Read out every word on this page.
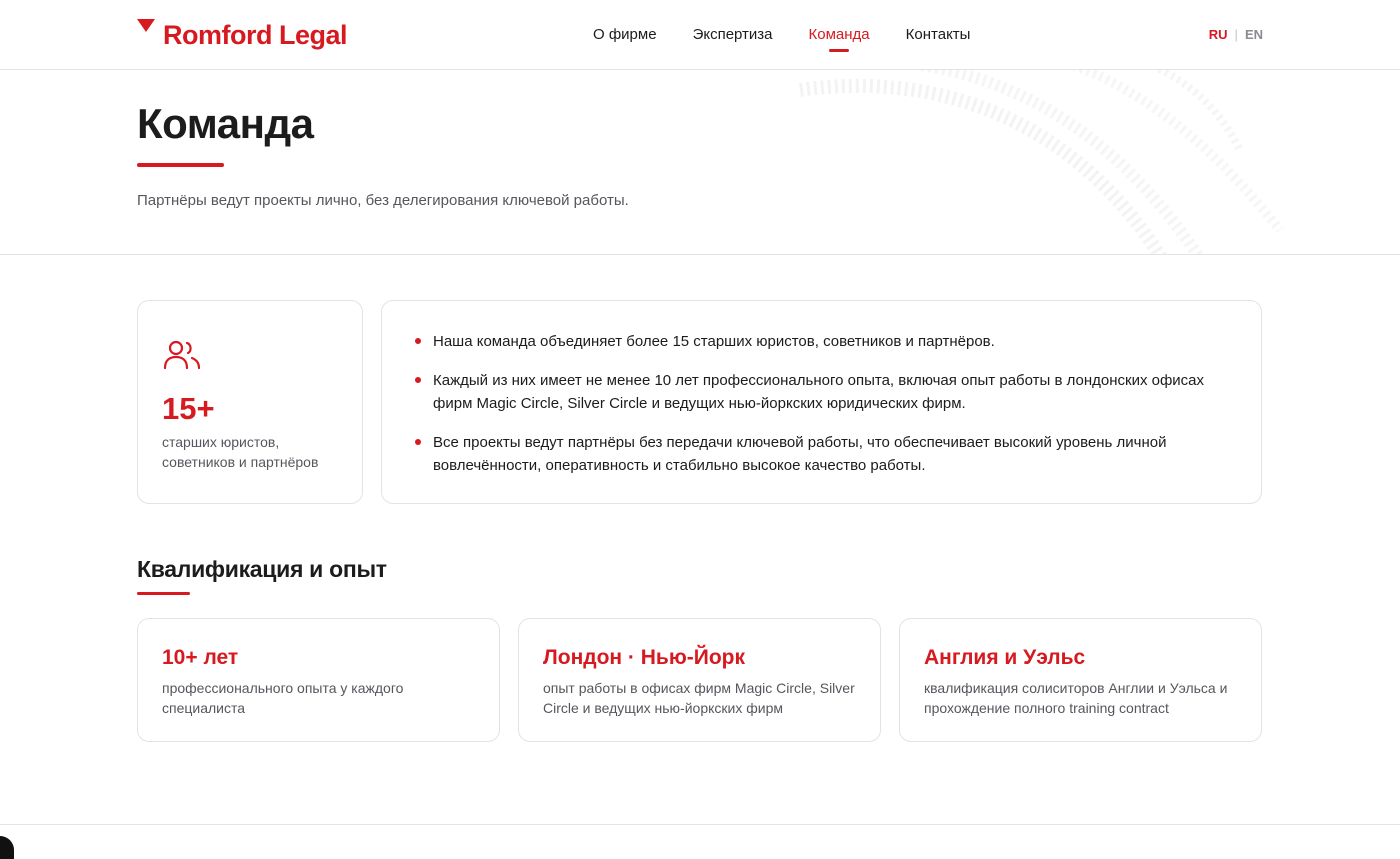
Romford Legal	О фирме Экспертиза Команда Контакты	RU | EN
Команда
Партнёры ведут проекты лично, без делегирования ключевой работы.
15+
старших юристов, советников и партнёров
Наша команда объединяет более 15 старших юристов, советников и партнёров.
Каждый из них имеет не менее 10 лет профессионального опыта, включая опыт работы в лондонских офисах фирм Magic Circle, Silver Circle и ведущих нью-йоркских юридических фирм.
Все проекты ведут партнёры без передачи ключевой работы, что обеспечивает высокий уровень личной вовлечённости, оперативность и стабильно высокое качество работы.
Квалификация и опыт
10+ лет
профессионального опыта у каждого специалиста
Лондон · Нью-Йорк
опыт работы в офисах фирм Magic Circle, Silver Circle и ведущих нью-йоркских фирм
Англия и Уэльс
квалификация солиситоров Англии и Уэльса и прохождение полного training contract
